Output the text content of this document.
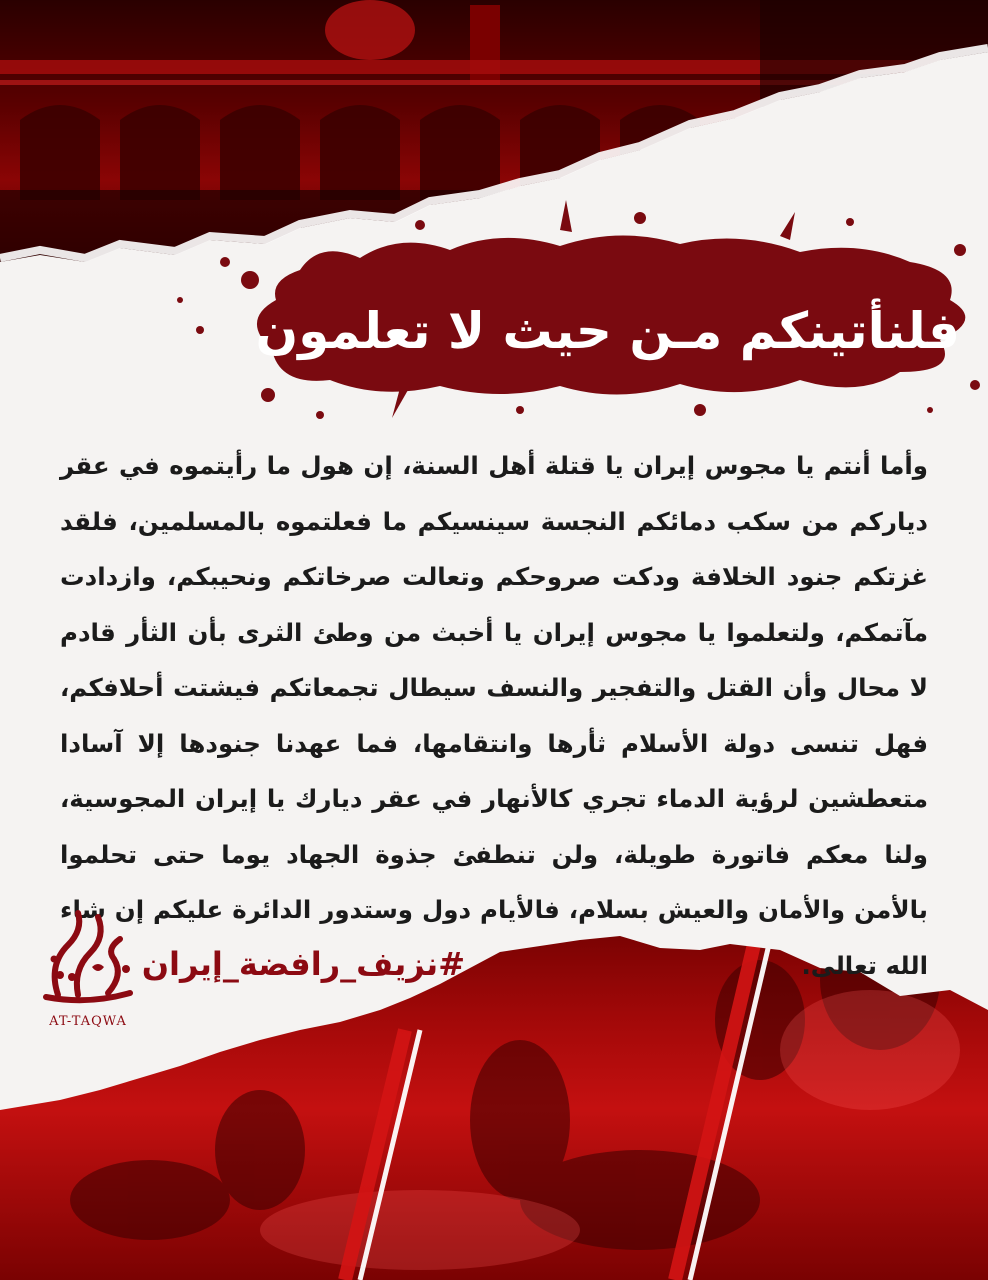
فلنأتينكم مـن حيث لا تعلمون
وأما أنتم يا مجوس إيران يا قتلة أهل السنة، إن هول ما رأيتموه في عقر دياركم من سكب دمائكم النجسة سينسيكم ما فعلتموه بالمسلمين، فلقد غزتكم جنود الخلافة ودكت صروحكم وتعالت صرخاتكم ونحيبكم، وازدادت مآتمكم، ولتعلموا يا مجوس إيران يا أخبث من وطئ الثرى بأن الثأر قادم لا محال وأن القتل والتفجير والنسف سيطال تجمعاتكم فيشتت أحلافكم، فهل تنسى دولة الأسلام ثأرها وانتقامها، فما عهدنا جنودها إلا آسادا متعطشين لرؤية الدماء تجري كالأنهار في عقر ديارك يا إيران المجوسية، ولنا معكم فاتورة طويلة، ولن تنطفئ جذوة الجهاد يوما حتى تحلموا بالأمن والأمان والعيش بسلام، فالأيام دول وستدور الدائرة عليكم إن شاء الله تعالى.
#نزيف_رافضة_إيران
AT-TAQWA
